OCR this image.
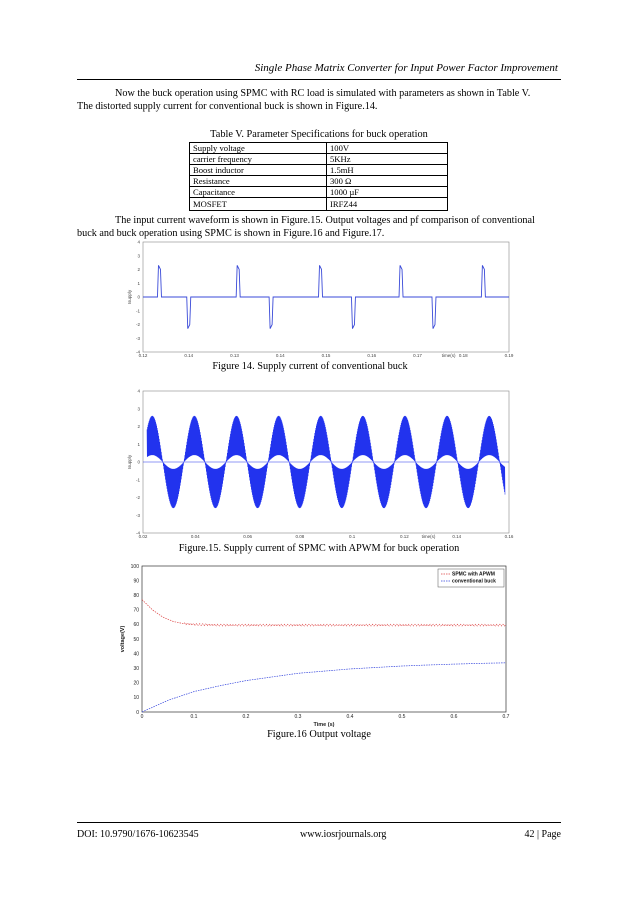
Single Phase Matrix Converter for Input Power Factor Improvement
Now the buck operation using SPMC with RC load is simulated with parameters as shown in Table V.
The distorted supply current for conventional buck is shown in Figure.14.
Table V. Parameter Specifications for buck operation
Supply voltage	100V
carrier frequency	5KHz
Boost inductor	1.5mH
Resistance	300 Ω
Capacitance	1000 µF
MOSFET	IRFZ44
The input current waveform is shown in Figure.15. Output voltages and pf comparison of conventional
buck and buck operation using SPMC is shown in Figure.16 and Figure.17.
4
3
2
1
0
-1
-2
-3
-4
0.12	0.14	0.13	0.14	0.15	0.16	0.17	0.18	0.19
Isupply
time(s)
Figure 14. Supply current of conventional buck
4
3
2
1
0
-1
-2
-3
-4
0.02	0.04	0.06	0.08	0.1	0.12	0.14	0.16
Isupply
time(s)
Figure.15. Supply current of SPMC with APWM for buck operation
0
10
20
30
40
50
60
70
80
90
100
0	0.1	0.2	0.3	0.4	0.5	0.6	0.7
voltage(V)
Time (s)
SPMC with APWM
conventional buck
Figure.16 Output voltage
DOI: 10.9790/1676-10623545	www.iosrjournals.org	42 | Page
